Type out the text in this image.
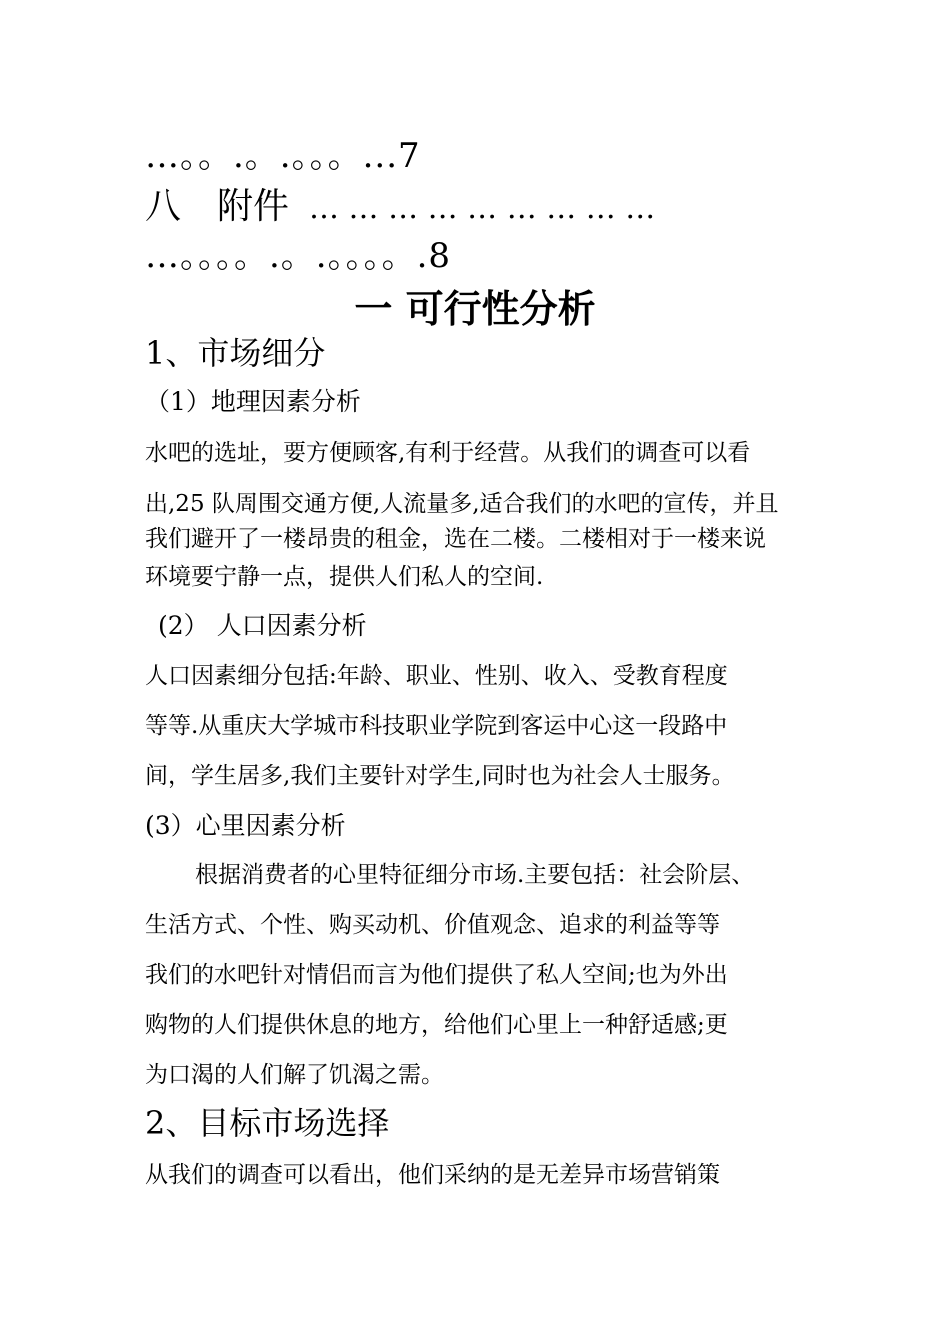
…。。.。.。。。...7
八　附件 … … … … … … … … …
…。。。。.。.。。。。.8
一 可行性分析
1、市场细分
（1）地理因素分析
水吧的选址，要方便顾客,有利于经营。从我们的调查可以看
出,25 队周围交通方便,人流量多,适合我们的水吧的宣传，并且
我们避开了一楼昂贵的租金，选在二楼。二楼相对于一楼来说
环境要宁静一点，提供人们私人的空间.
(2） 人口因素分析
人口因素细分包括:年龄、职业、性别、收入、受教育程度
等等.从重庆大学城市科技职业学院到客运中心这一段路中
间，学生居多,我们主要针对学生,同时也为社会人士服务。
(3）心里因素分析
根据消费者的心里特征细分市场.主要包括：社会阶层、
生活方式、个性、购买动机、价值观念、追求的利益等等
我们的水吧针对情侣而言为他们提供了私人空间;也为外出
购物的人们提供休息的地方，给他们心里上一种舒适感;更
为口渴的人们解了饥渴之需。
2、目标市场选择
从我们的调查可以看出，他们采纳的是无差异市场营销策
